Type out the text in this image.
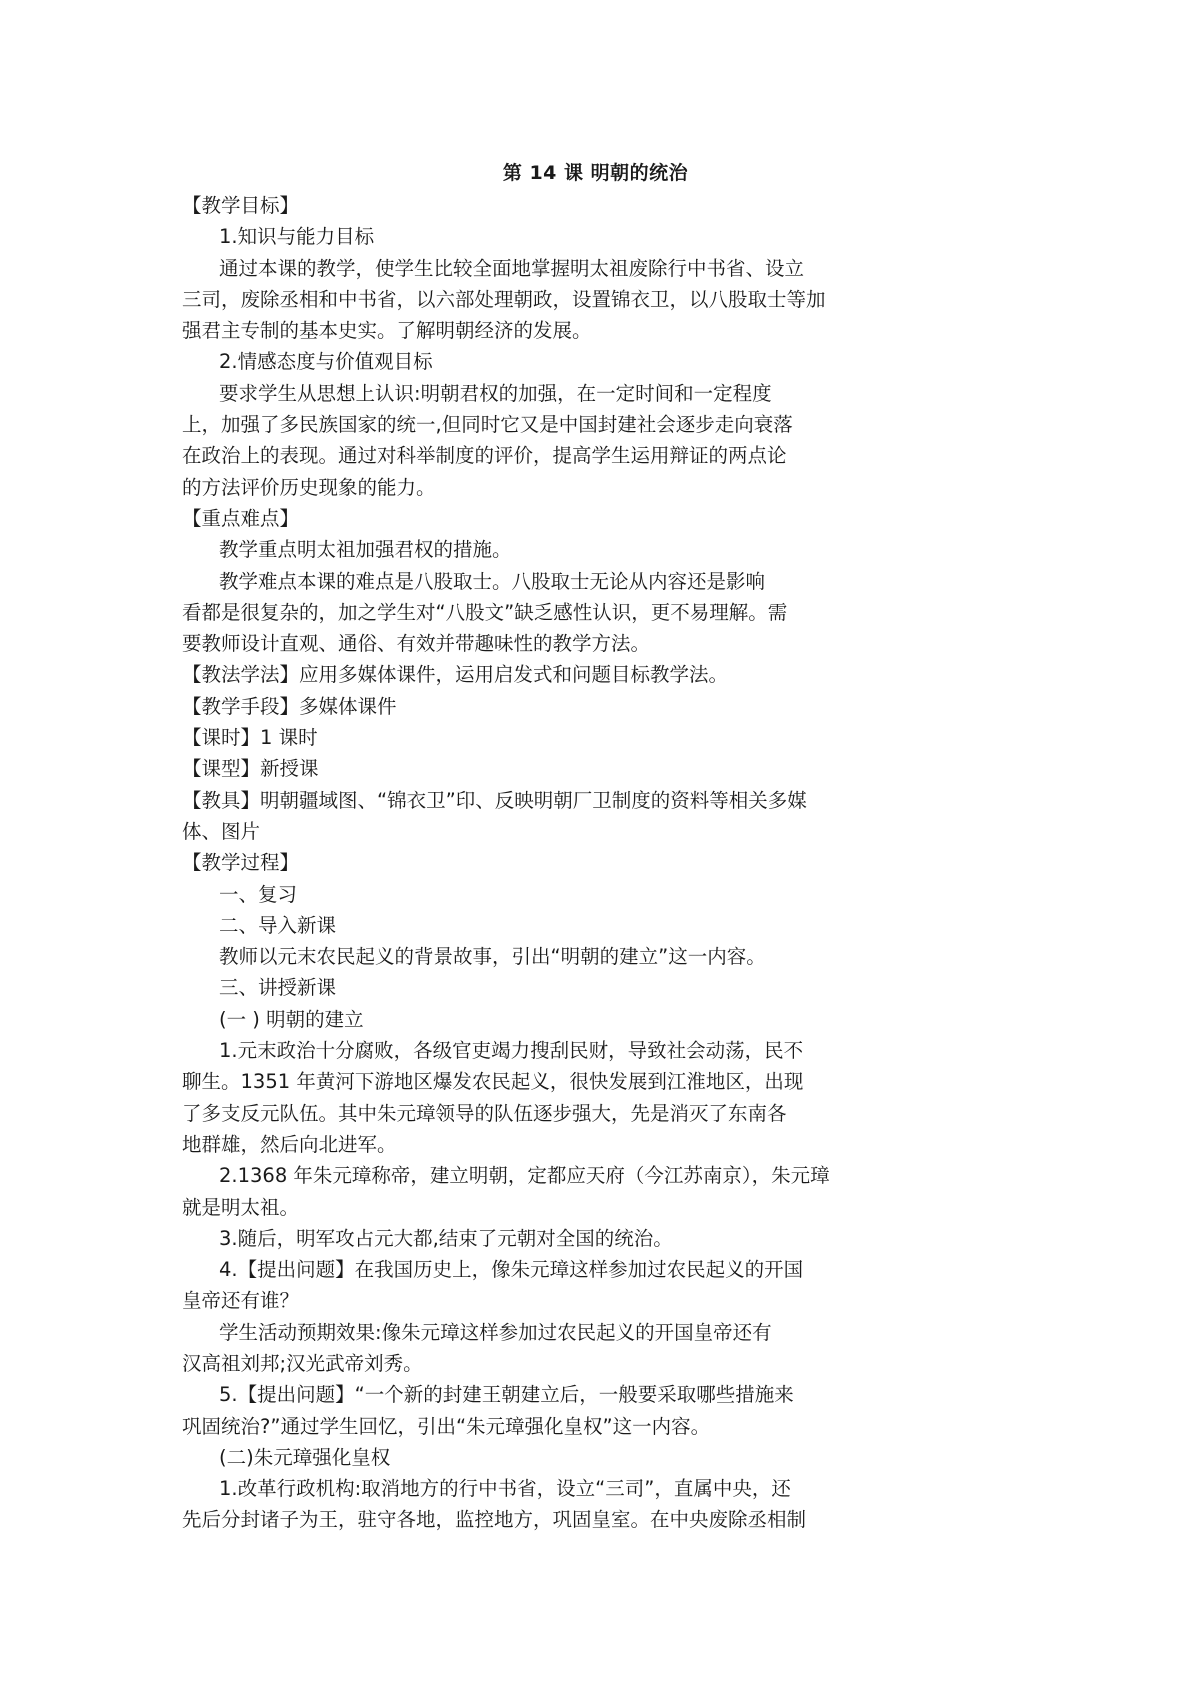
第 14 课 明朝的统治
【教学目标】
1.知识与能力目标
通过本课的教学，使学生比较全面地掌握明太祖废除行中书省、设立
三司，废除丞相和中书省，以六部处理朝政，设置锦衣卫，以八股取士等加
强君主专制的基本史实。了解明朝经济的发展。
2.情感态度与价值观目标
要求学生从思想上认识:明朝君权的加强，在一定时间和一定程度
上，加强了多民族国家的统一,但同时它又是中国封建社会逐步走向衰落
在政治上的表现。通过对科举制度的评价，提高学生运用辩证的两点论
的方法评价历史现象的能力。
【重点难点】
教学重点明太祖加强君权的措施。
教学难点本课的难点是八股取士。八股取士无论从内容还是影响
看都是很复杂的，加之学生对“八股文”缺乏感性认识，更不易理解。需
要教师设计直观、通俗、有效并带趣味性的教学方法。
【教法学法】应用多媒体课件，运用启发式和问题目标教学法。
【教学手段】多媒体课件
【课时】1 课时
【课型】新授课
【教具】明朝疆域图、“锦衣卫”印、反映明朝厂卫制度的资料等相关多媒
体、图片
【教学过程】
一、复习
二、导入新课
教师以元末农民起义的背景故事，引出“明朝的建立”这一内容。
三、讲授新课
(一 ) 明朝的建立
1.元末政治十分腐败，各级官吏竭力搜刮民财，导致社会动荡，民不
聊生。1351 年黄河下游地区爆发农民起义，很快发展到江淮地区，出现
了多支反元队伍。其中朱元璋领导的队伍逐步强大，先是消灭了东南各
地群雄，然后向北进军。
2.1368 年朱元璋称帝，建立明朝，定都应天府（今江苏南京），朱元璋
就是明太祖。
3.随后，明军攻占元大都,结束了元朝对全国的统治。
4.【提出问题】在我国历史上，像朱元璋这样参加过农民起义的开国
皇帝还有谁？
学生活动预期效果:像朱元璋这样参加过农民起义的开国皇帝还有
汉高祖刘邦;汉光武帝刘秀。
5.【提出问题】“一个新的封建王朝建立后，一般要采取哪些措施来
巩固统治?”通过学生回忆，引出“朱元璋强化皇权”这一内容。
(二)朱元璋强化皇权
1.改革行政机构:取消地方的行中书省，设立“三司”，直属中央，还
先后分封诸子为王，驻守各地，监控地方，巩固皇室。在中央废除丞相制
